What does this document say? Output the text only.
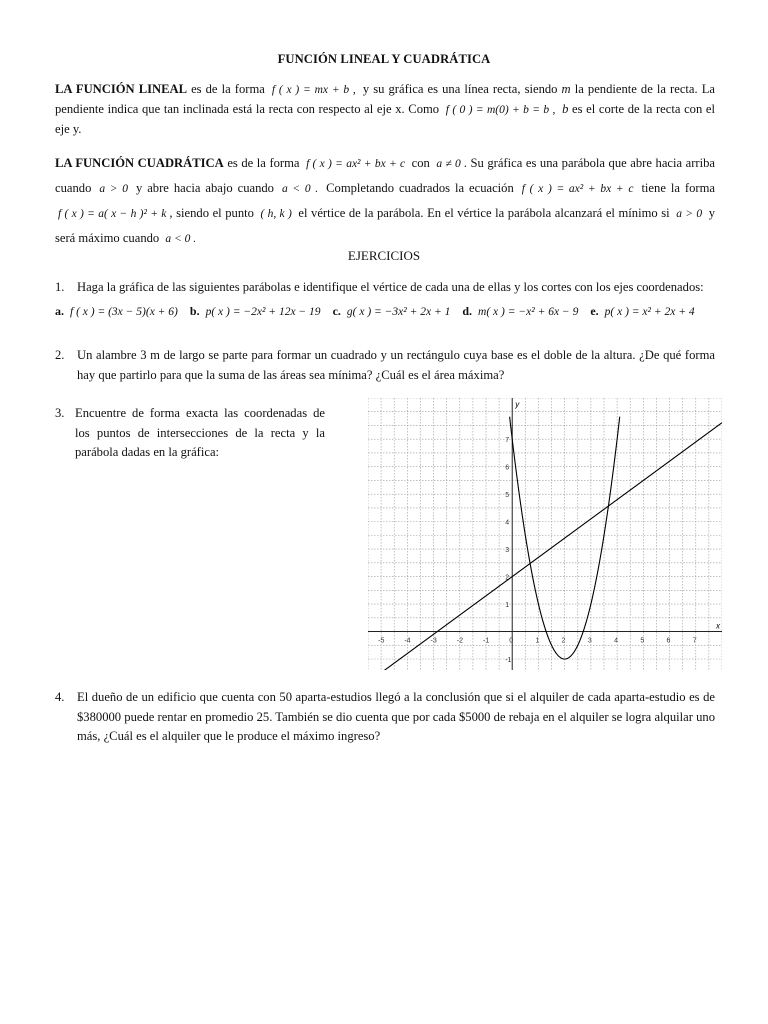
FUNCIÓN LINEAL Y CUADRÁTICA
LA FUNCIÓN LINEAL es de la forma f ( x ) = mx + b , y su gráfica es una línea recta, siendo m la pendiente de la recta. La pendiente indica que tan inclinada está la recta con respecto al eje x. Como f ( 0 ) = m(0) + b = b , b es el corte de la recta con el eje y.
LA FUNCIÓN CUADRÁTICA es de la forma f ( x ) = ax² + bx + c con a ≠ 0 . Su gráfica es una parábola que abre hacia arriba cuando a > 0 y abre hacia abajo cuando a < 0 . Completando cuadrados la ecuación f ( x ) = ax² + bx + c tiene la forma f ( x ) = a( x − h )² + k , siendo el punto ( h, k ) el vértice de la parábola. En el vértice la parábola alcanzará el mínimo si a > 0 y será máximo cuando a < 0 .
EJERCICIOS
1. Haga la gráfica de las siguientes parábolas e identifique el vértice de cada una de ellas y los cortes con los ejes coordenados:
a. f ( x ) = (3x − 5)(x + 6) b. p( x ) = −2x² + 12x − 19 c. g( x ) = −3x² + 2x + 1 d. m( x ) = −x² + 6x − 9 e. p( x ) = x² + 2x + 4
2. Un alambre 3 m de largo se parte para formar un cuadrado y un rectángulo cuya base es el doble de la altura. ¿De qué forma hay que partirlo para que la suma de las áreas sea mínima? ¿Cuál es el área máxima?
3. Encuentre de forma exacta las coordenadas de los puntos de intersecciones de la recta y la parábola dadas en la gráfica:
-5	-4	-3	-2	-1	0	1	2	3	4	5	6	7
-1
1
2
3
4
5
6
7
x
y
4. El dueño de un edificio que cuenta con 50 aparta-estudios llegó a la conclusión que si el alquiler de cada aparta-estudio es de $380000 puede rentar en promedio 25. También se dio cuenta que por cada $5000 de rebaja en el alquiler se logra alquilar uno más, ¿Cuál es el alquiler que le produce el máximo ingreso?
